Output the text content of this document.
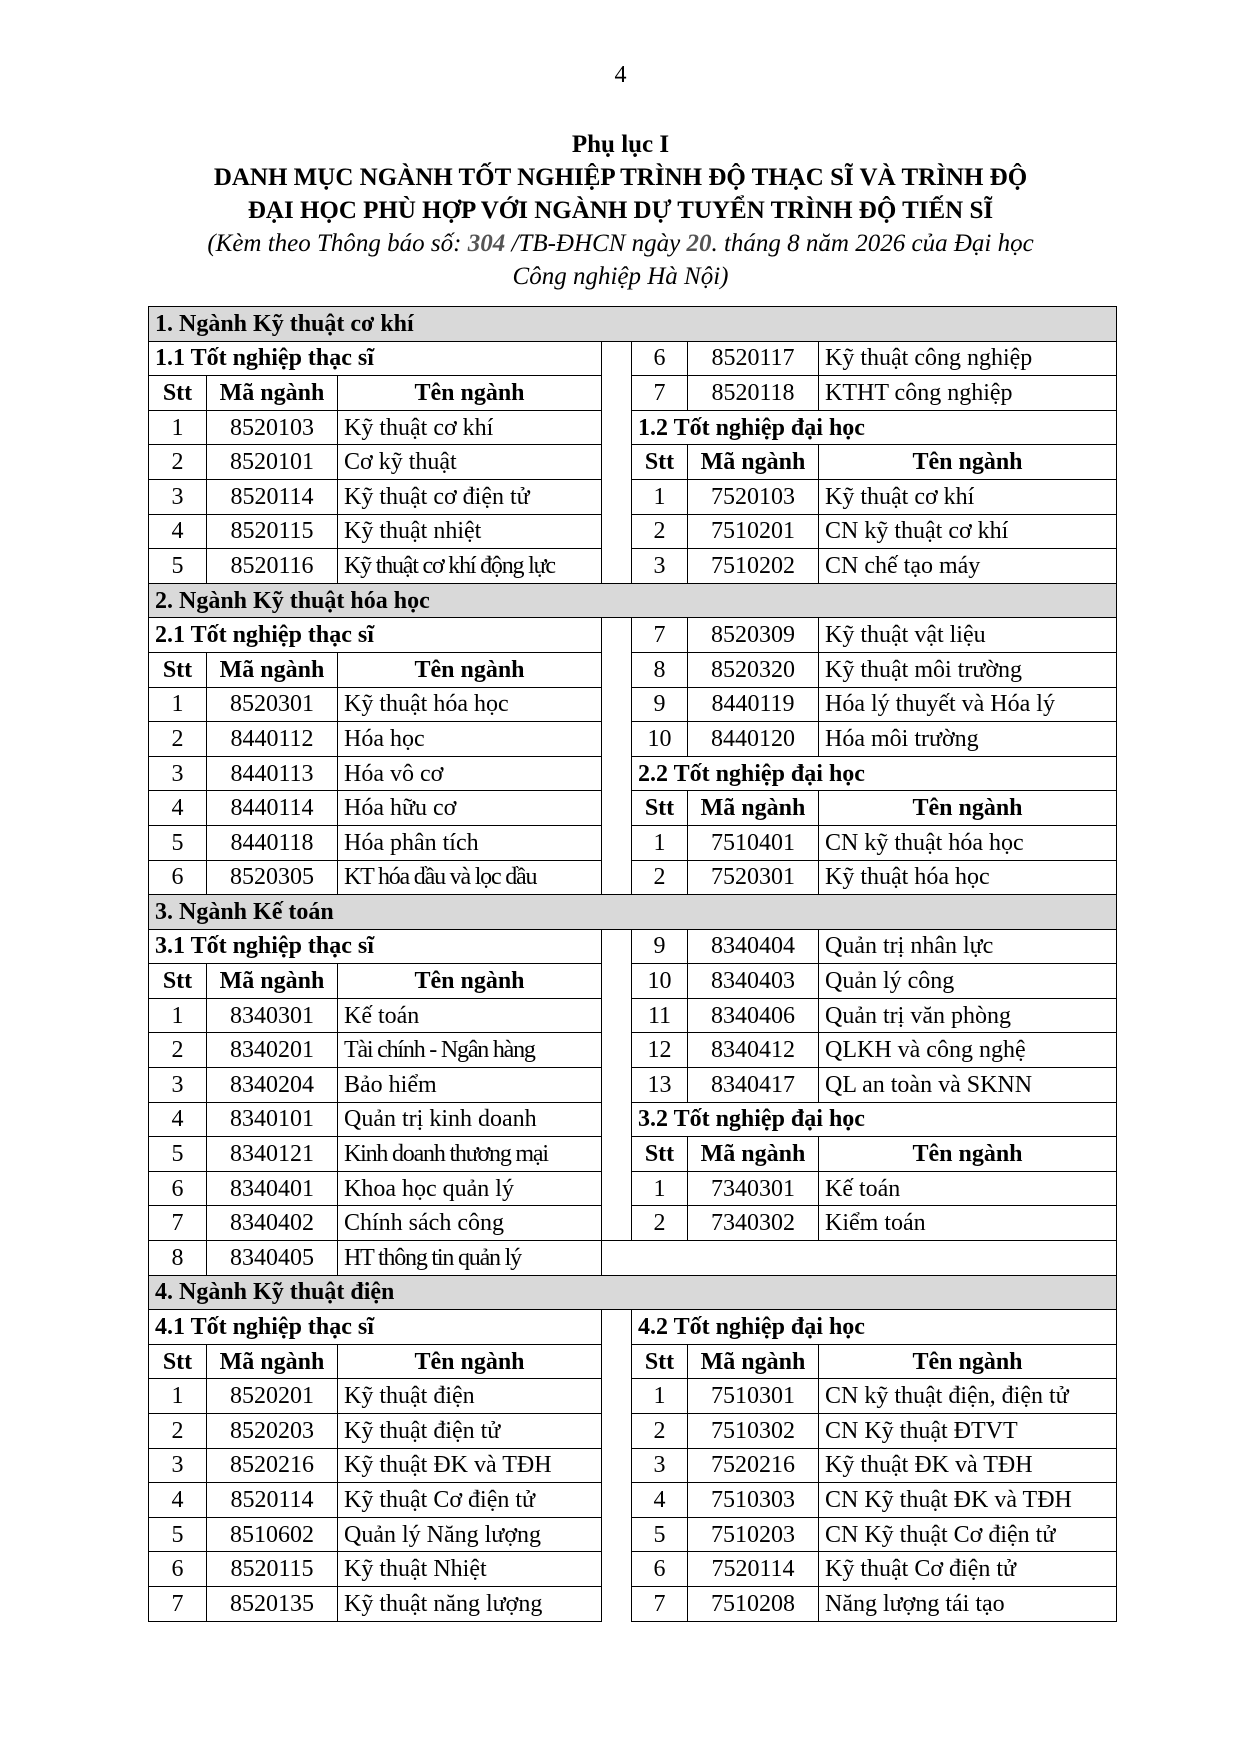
4
Phụ lục I
DANH MỤC NGÀNH TỐT NGHIỆP TRÌNH ĐỘ THẠC SĨ VÀ TRÌNH ĐỘ
ĐẠI HỌC PHÙ HỢP VỚI NGÀNH DỰ TUYỂN TRÌNH ĐỘ TIẾN SĨ
(Kèm theo Thông báo số: 304 /TB-ĐHCN ngày 20. tháng 8 năm 2026 của Đại học
Công nghiệp Hà Nội)
1. Ngành Kỹ thuật cơ khí						
1.1 Tốt nghiệp thạc sĩ				6	8520117	Kỹ thuật công nghiệp
Stt	Mã ngành	Tên ngành		7	8520118	KTHT công nghiệp
1	8520103	Kỹ thuật cơ khí		1.2 Tốt nghiệp đại học		
2	8520101	Cơ kỹ thuật		Stt	Mã ngành	Tên ngành
3	8520114	Kỹ thuật cơ điện tử		1	7520103	Kỹ thuật cơ khí
4	8520115	Kỹ thuật nhiệt		2	7510201	CN kỹ thuật cơ khí
5	8520116	Kỹ thuật cơ khí động lực		3	7510202	CN chế tạo máy
2. Ngành Kỹ thuật hóa học						
2.1 Tốt nghiệp thạc sĩ				7	8520309	Kỹ thuật vật liệu
Stt	Mã ngành	Tên ngành		8	8520320	Kỹ thuật môi trường
1	8520301	Kỹ thuật hóa học		9	8440119	Hóa lý thuyết và Hóa lý
2	8440112	Hóa học		10	8440120	Hóa môi trường
3	8440113	Hóa vô cơ		2.2 Tốt nghiệp đại học		
4	8440114	Hóa hữu cơ		Stt	Mã ngành	Tên ngành
5	8440118	Hóa phân tích		1	7510401	CN kỹ thuật hóa học
6	8520305	KT hóa dầu và lọc dầu		2	7520301	Kỹ thuật hóa học
3. Ngành Kế toán						
3.1 Tốt nghiệp thạc sĩ				9	8340404	Quản trị nhân lực
Stt	Mã ngành	Tên ngành		10	8340403	Quản lý công
1	8340301	Kế toán		11	8340406	Quản trị văn phòng
2	8340201	Tài chính - Ngân hàng		12	8340412	QLKH và công nghệ
3	8340204	Bảo hiểm		13	8340417	QL an toàn và SKNN
4	8340101	Quản trị kinh doanh		3.2 Tốt nghiệp đại học		
5	8340121	Kinh doanh thương mại		Stt	Mã ngành	Tên ngành
6	8340401	Khoa học quản lý		1	7340301	Kế toán
7	8340402	Chính sách công		2	7340302	Kiểm toán
8	8340405	HT thông tin quản lý				
4. Ngành Kỹ thuật điện						
4.1 Tốt nghiệp thạc sĩ				4.2 Tốt nghiệp đại học		
Stt	Mã ngành	Tên ngành		Stt	Mã ngành	Tên ngành
1	8520201	Kỹ thuật điện		1	7510301	CN kỹ thuật điện, điện tử
2	8520203	Kỹ thuật điện tử		2	7510302	CN Kỹ thuật ĐTVT
3	8520216	Kỹ thuật ĐK và TĐH		3	7520216	Kỹ thuật ĐK và TĐH
4	8520114	Kỹ thuật Cơ điện tử		4	7510303	CN Kỹ thuật ĐK và TĐH
5	8510602	Quản lý Năng lượng		5	7510203	CN Kỹ thuật Cơ điện tử
6	8520115	Kỹ thuật Nhiệt		6	7520114	Kỹ thuật Cơ điện tử
7	8520135	Kỹ thuật năng lượng		7	7510208	Năng lượng tái tạo
